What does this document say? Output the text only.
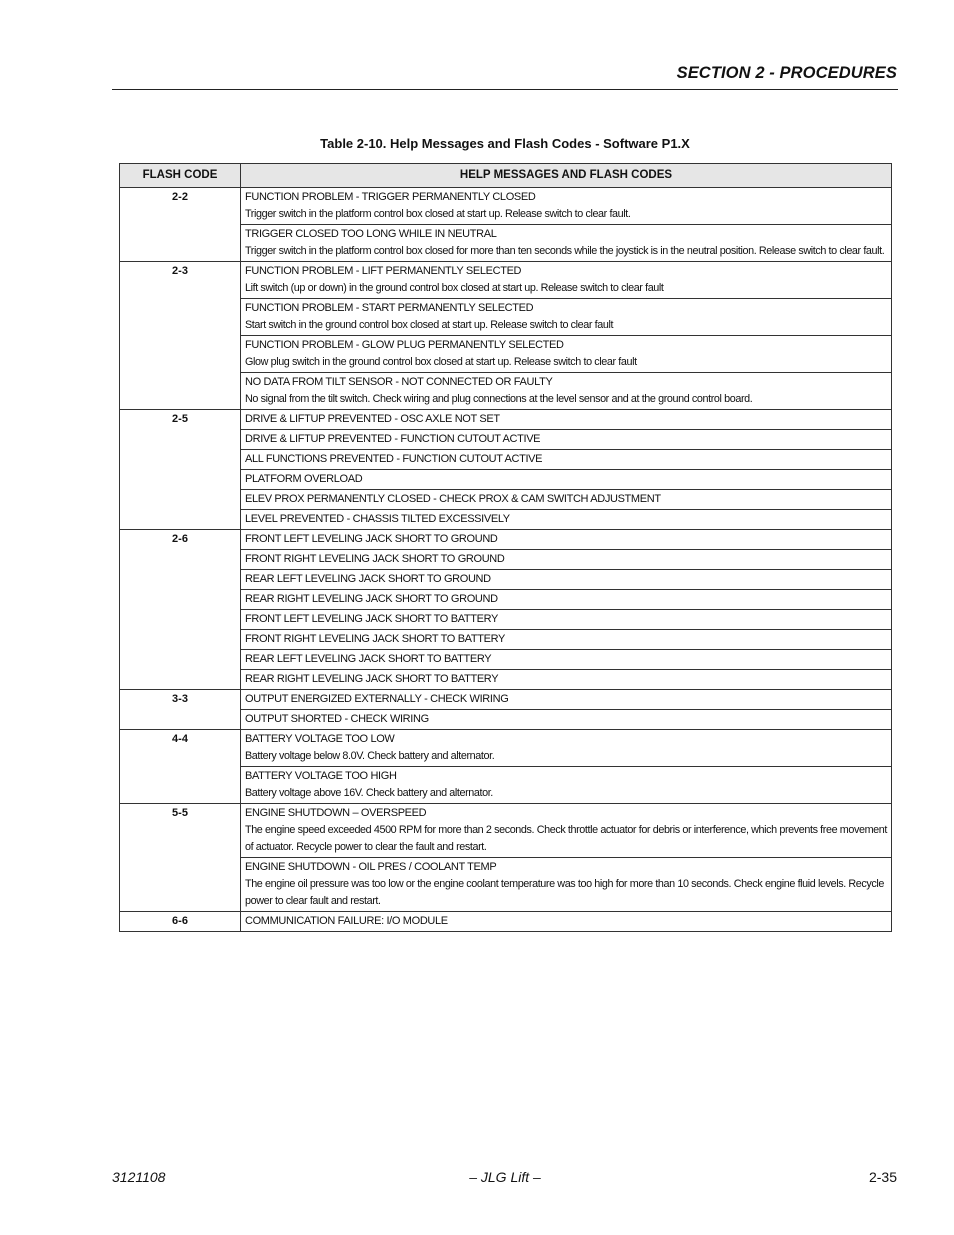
SECTION 2 - PROCEDURES
Table 2-10. Help Messages and Flash Codes - Software P1.X
FLASH CODE	HELP MESSAGES AND FLASH CODES
2-2	FUNCTION PROBLEM - TRIGGER PERMANENTLY CLOSED
Trigger switch in the platform control box closed at start up. Release switch to clear fault.

	TRIGGER CLOSED TOO LONG WHILE IN NEUTRAL
Trigger switch in the platform control box closed for more than ten seconds while the joystick is in the neutral position. Release switch to clear fault.

2-3	FUNCTION PROBLEM - LIFT PERMANENTLY SELECTED
Lift switch (up or down) in the ground control box closed at start up. Release switch to clear fault

	FUNCTION PROBLEM - START PERMANENTLY SELECTED
Start switch in the ground control box closed at start up. Release switch to clear fault

	FUNCTION PROBLEM - GLOW PLUG PERMANENTLY SELECTED
Glow plug switch in the ground control box closed at start up. Release switch to clear fault

	NO DATA FROM TILT SENSOR - NOT CONNECTED OR FAULTY
No signal from the tilt switch. Check wiring and plug connections at the level sensor and at the ground control board.

2-5	DRIVE & LIFTUP PREVENTED - OSC AXLE NOT SET

	DRIVE & LIFTUP PREVENTED - FUNCTION CUTOUT ACTIVE

	ALL FUNCTIONS PREVENTED - FUNCTION CUTOUT ACTIVE

	PLATFORM OVERLOAD

	ELEV PROX PERMANENTLY CLOSED - CHECK PROX & CAM SWITCH ADJUSTMENT

	LEVEL PREVENTED - CHASSIS TILTED EXCESSIVELY

2-6	FRONT LEFT LEVELING JACK SHORT TO GROUND

	FRONT RIGHT LEVELING JACK SHORT TO GROUND

	REAR LEFT LEVELING JACK SHORT TO GROUND

	REAR RIGHT LEVELING JACK SHORT TO GROUND

	FRONT LEFT LEVELING JACK SHORT TO BATTERY

	FRONT RIGHT LEVELING JACK SHORT TO BATTERY

	REAR LEFT LEVELING JACK SHORT TO BATTERY

	REAR RIGHT LEVELING JACK SHORT TO BATTERY

3-3	OUTPUT ENERGIZED EXTERNALLY - CHECK WIRING

	OUTPUT SHORTED - CHECK WIRING

4-4	BATTERY VOLTAGE TOO LOW
Battery voltage below 8.0V. Check battery and alternator.

	BATTERY VOLTAGE TOO HIGH
Battery voltage above 16V. Check battery and alternator.

5-5	ENGINE SHUTDOWN – OVERSPEED
The engine speed exceeded 4500 RPM for more than 2 seconds. Check throttle actuator for debris or interference, which prevents free movement of actuator. Recycle power to clear the fault and restart.

	ENGINE SHUTDOWN - OIL PRES / COOLANT TEMP
The engine oil pressure was too low or the engine coolant temperature was too high for more than 10 seconds. Check engine fluid levels. Recycle power to clear fault and restart.

6-6	COMMUNICATION FAILURE: I/O MODULE
3121108	– JLG Lift –	2-35
